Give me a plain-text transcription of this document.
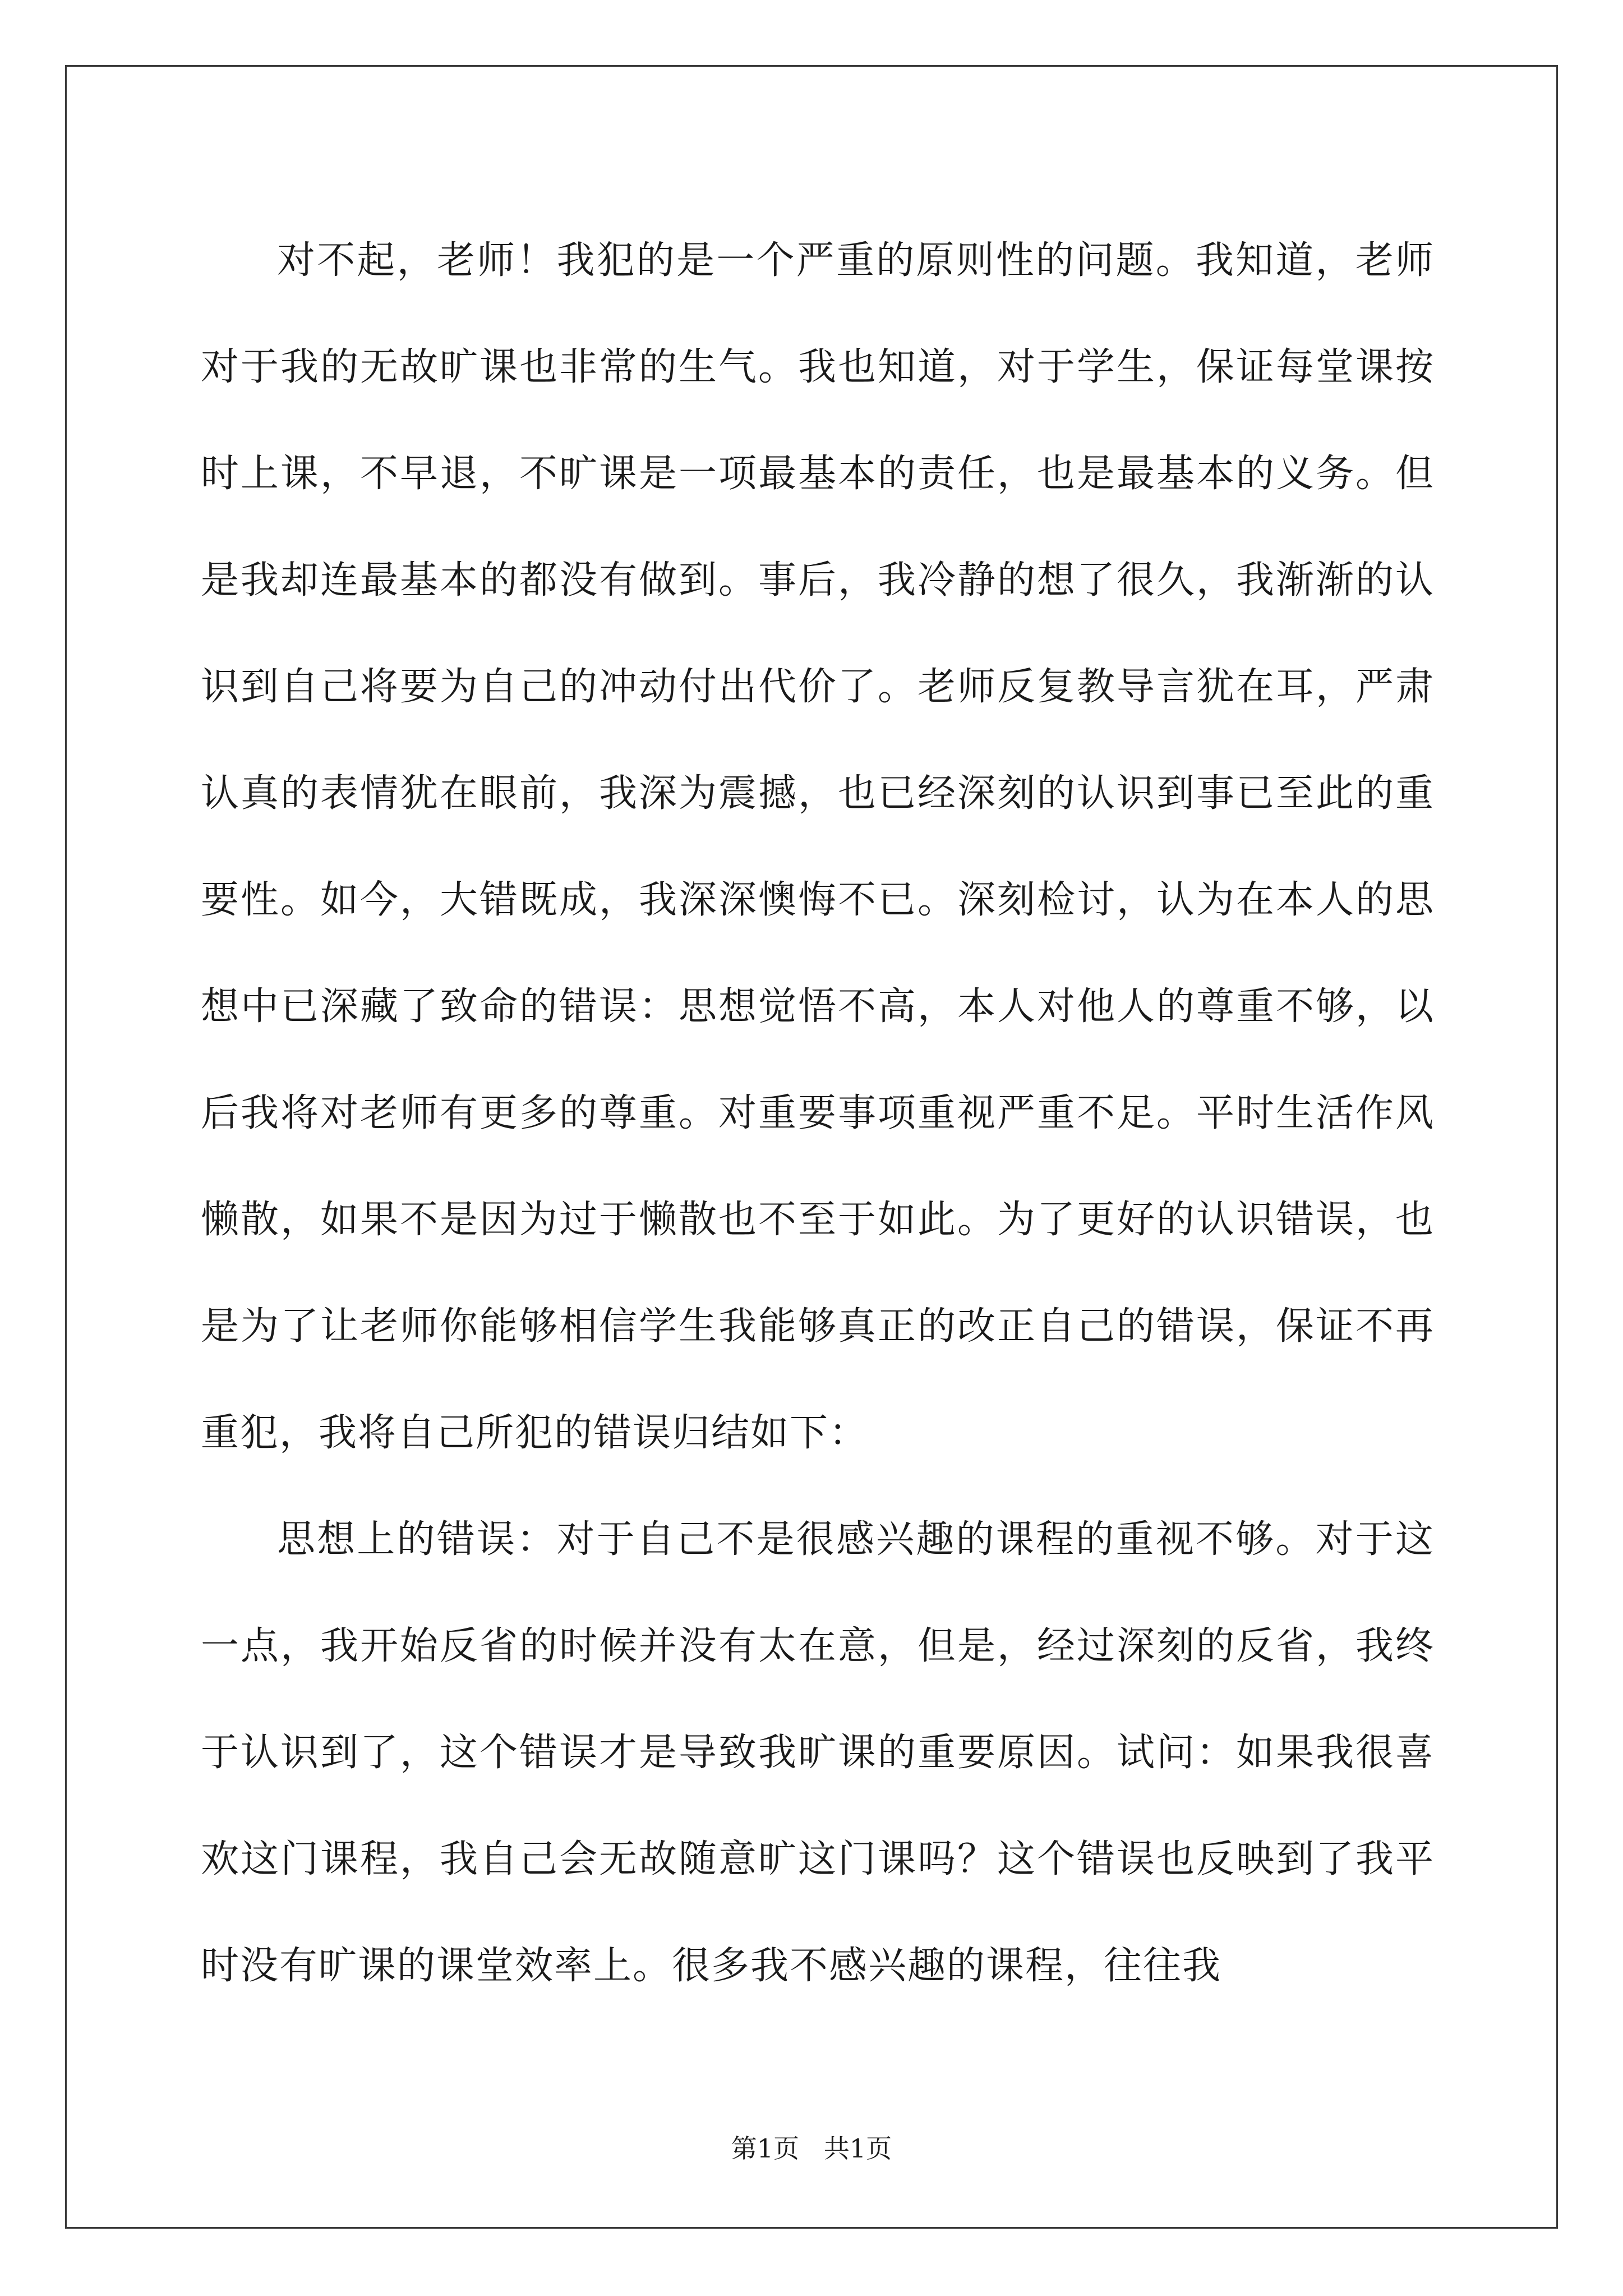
对不起，老师！我犯的是一个严重的原则性的问题。我知道，老师对于我的无故旷课也非常的生气。我也知道，对于学生，保证每堂课按时上课，不早退，不旷课是一项最基本的责任，也是最基本的义务。但是我却连最基本的都没有做到。事后，我冷静的想了很久，我渐渐的认识到自己将要为自己的冲动付出代价了。老师反复教导言犹在耳，严肃认真的表情犹在眼前，我深为震撼，也已经深刻的认识到事已至此的重要性。如今，大错既成，我深深懊悔不已。深刻检讨，认为在本人的思想中已深藏了致命的错误：思想觉悟不高，本人对他人的尊重不够，以后我将对老师有更多的尊重。对重要事项重视严重不足。平时生活作风懒散，如果不是因为过于懒散也不至于如此。为了更好的认识错误，也是为了让老师你能够相信学生我能够真正的改正自己的错误，保证不再重犯，我将自己所犯的错误归结如下：

思想上的错误：对于自己不是很感兴趣的课程的重视不够。对于这一点，我开始反省的时候并没有太在意，但是，经过深刻的反省，我终于认识到了，这个错误才是导致我旷课的重要原因。试问：如果我很喜欢这门课程，我自己会无故随意旷这门课吗？这个错误也反映到了我平时没有旷课的课堂效率上。很多我不感兴趣的课程，往往我

第1页   共1页
